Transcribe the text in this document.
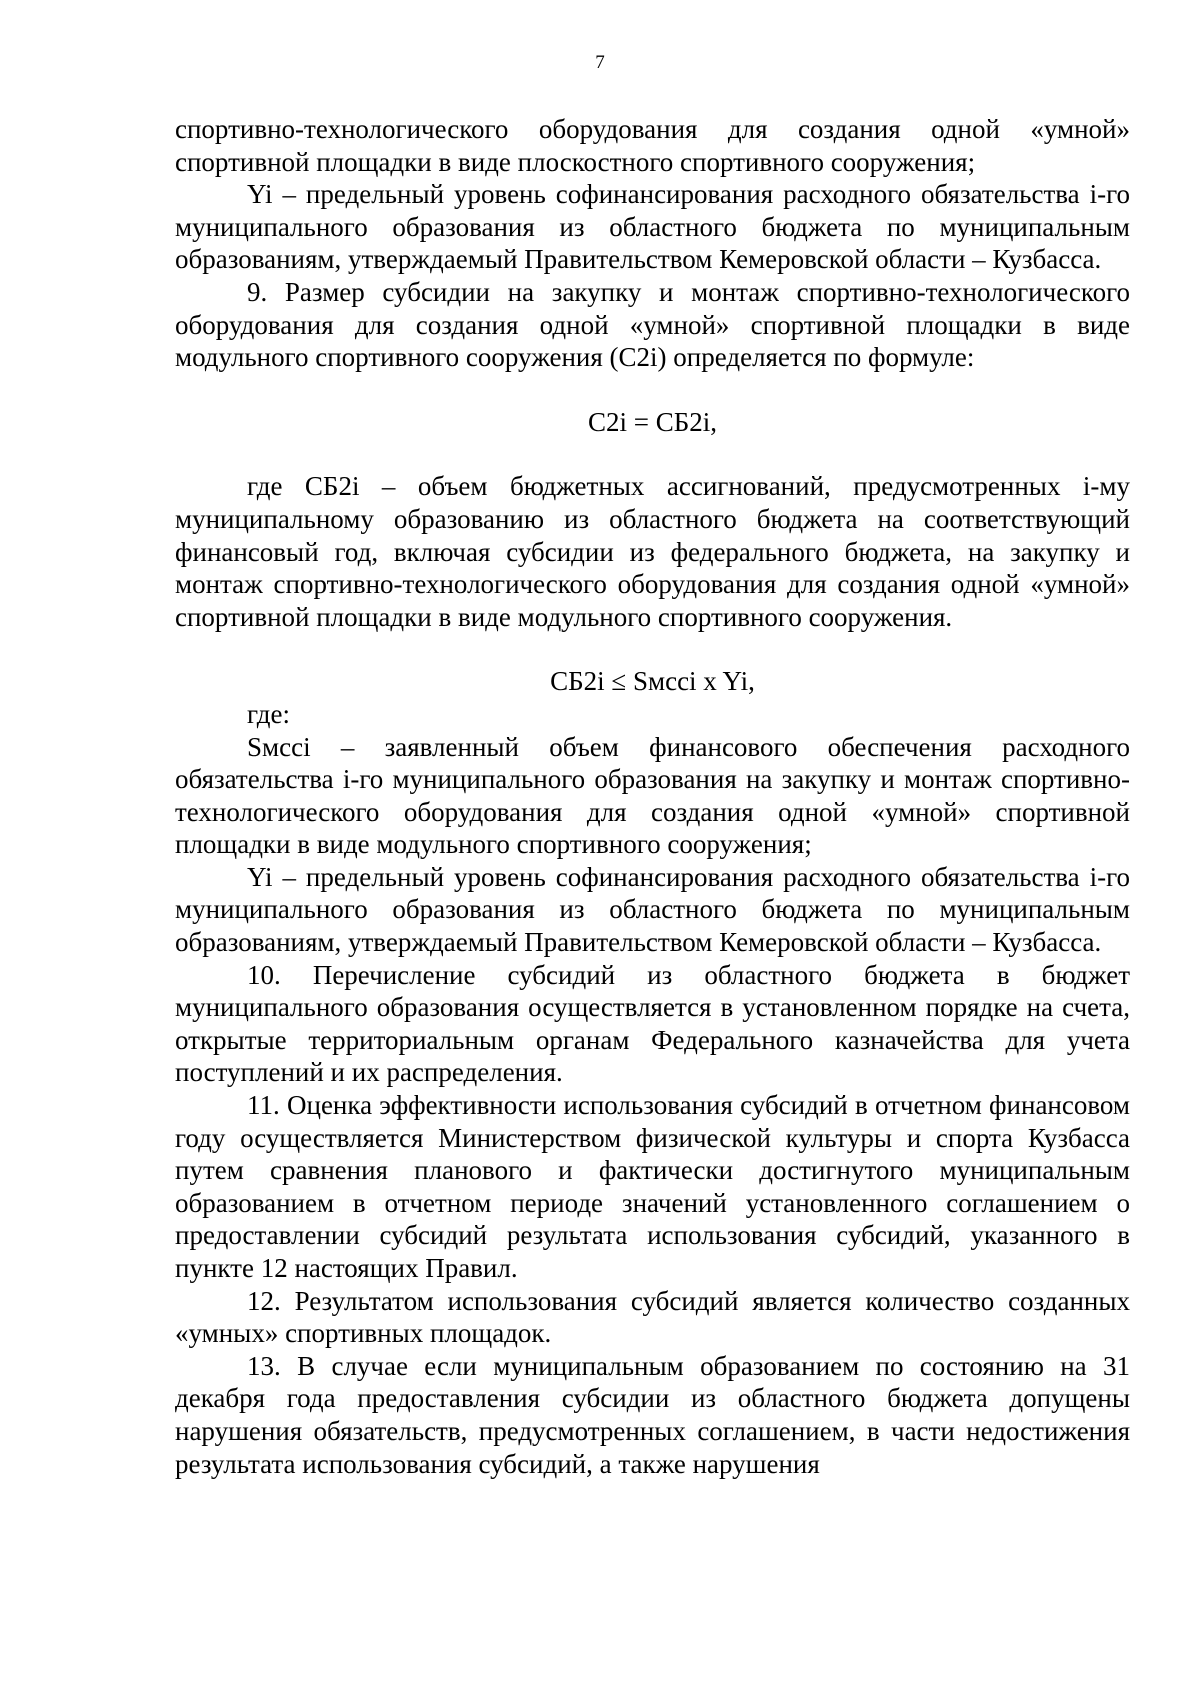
7

спортивно-технологического оборудования для создания одной «умной» спортивной площадки в виде плоскостного спортивного сооружения;

Yi – предельный уровень софинансирования расходного обязательства i-го муниципального образования из областного бюджета по муниципальным образованиям, утверждаемый Правительством Кемеровской области – Кузбасса.

9. Размер субсидии на закупку и монтаж спортивно-технологического оборудования для создания одной «умной» спортивной площадки в виде модульного спортивного сооружения (С2i) определяется по формуле:

С2i = СБ2i,

где СБ2i – объем бюджетных ассигнований, предусмотренных i-му муниципальному образованию из областного бюджета на соответствующий финансовый год, включая субсидии из федерального бюджета, на закупку и монтаж спортивно-технологического оборудования для создания одной «умной» спортивной площадки в виде модульного спортивного сооружения.

СБ2i ≤ Sмссi x Yi,

где:

Sмссi – заявленный объем финансового обеспечения расходного обязательства i-го муниципального образования на закупку и монтаж спортивно-технологического оборудования для создания одной «умной» спортивной площадки в виде модульного спортивного сооружения;

Yi – предельный уровень софинансирования расходного обязательства i-го муниципального образования из областного бюджета по муниципальным образованиям, утверждаемый Правительством Кемеровской области – Кузбасса.

10. Перечисление субсидий из областного бюджета в бюджет муниципального образования осуществляется в установленном порядке на счета, открытые территориальным органам Федерального казначейства для учета поступлений и их распределения.

11. Оценка эффективности использования субсидий в отчетном финансовом году осуществляется Министерством физической культуры и спорта Кузбасса путем сравнения планового и фактически достигнутого муниципальным образованием в отчетном периоде значений установленного соглашением о предоставлении субсидий результата использования субсидий, указанного в пункте 12 настоящих Правил.

12. Результатом использования субсидий является количество созданных «умных» спортивных площадок.

13. В случае если муниципальным образованием по состоянию на 31 декабря года предоставления субсидии из областного бюджета допущены нарушения обязательств, предусмотренных соглашением, в части недостижения результата использования субсидий, а также нарушения
